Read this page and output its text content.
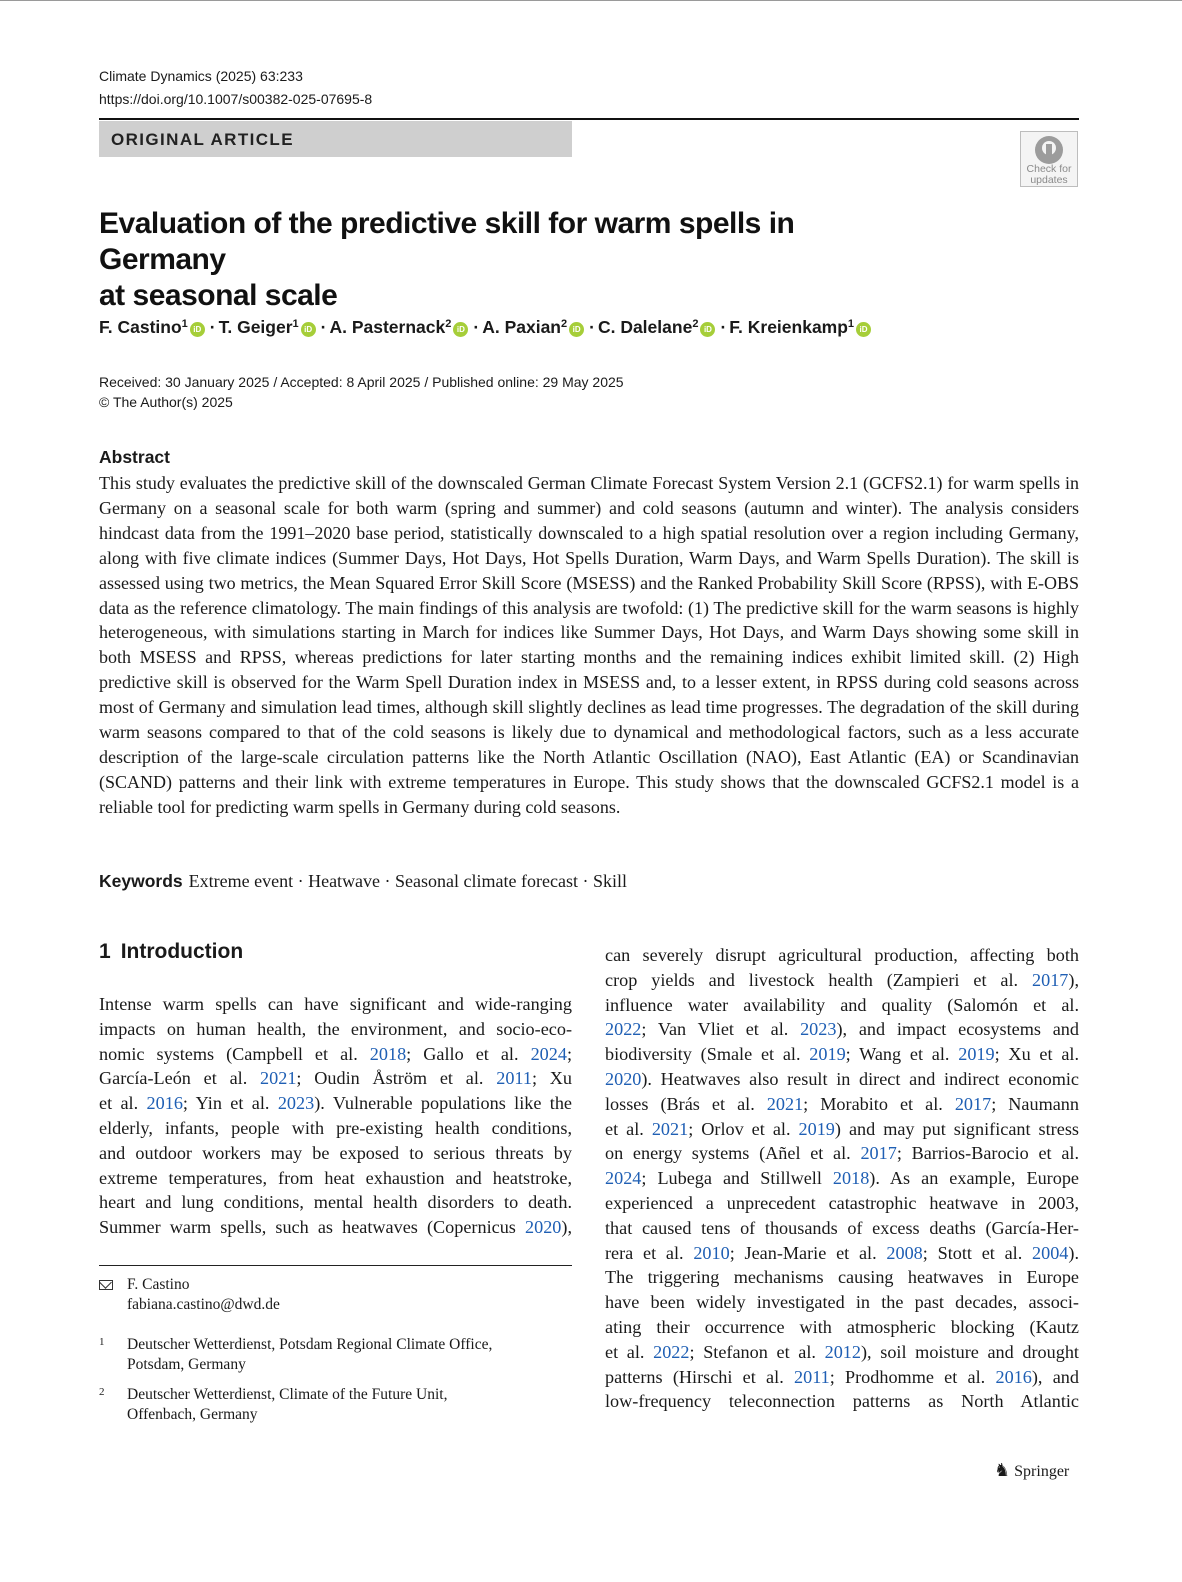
Climate Dynamics (2025) 63:233
https://doi.org/10.1007/s00382-025-07695-8
ORIGINAL ARTICLE
Check for
updates
Evaluation of the predictive skill for warm spells in Germany
at seasonal scale
F. Castino$^1$ iD · T. Geiger$^1$ iD · A. Pasternack$^2$ iD · A. Paxian$^2$ iD · C. Dalelane$^2$ iD · F. Kreienkamp$^1$ iD
Received: 30 January 2025 / Accepted: 8 April 2025 / Published online: 29 May 2025
© The Author(s) 2025
Abstract
This study evaluates the predictive skill of the downscaled German Climate Forecast System Version 2.1 (GCFS2.1) for warm spells in Germany on a seasonal scale for both warm (spring and summer) and cold seasons (autumn and winter). The analysis considers hindcast data from the 1991–2020 base period, statistically downscaled to a high spatial resolution over a region including Germany, along with five climate indices (Summer Days, Hot Days, Hot Spells Duration, Warm Days, and Warm Spells Duration). The skill is assessed using two metrics, the Mean Squared Error Skill Score (MSESS) and the Ranked Probability Skill Score (RPSS), with E-OBS data as the reference climatology. The main findings of this analysis are twofold: (1) The predictive skill for the warm seasons is highly heterogeneous, with simulations starting in March for indices like Summer Days, Hot Days, and Warm Days showing some skill in both MSESS and RPSS, whereas predictions for later starting months and the remaining indices exhibit limited skill. (2) High predictive skill is observed for the Warm Spell Duration index in MSESS and, to a lesser extent, in RPSS during cold seasons across most of Germany and simulation lead times, although skill slightly declines as lead time progresses. The degradation of the skill during warm seasons compared to that of the cold seasons is likely due to dynamical and methodological factors, such as a less accurate description of the large-scale circulation patterns like the North Atlantic Oscillation (NAO), East Atlantic (EA) or Scandinavian (SCAND) patterns and their link with extreme temperatures in Europe. This study shows that the downscaled GCFS2.1 model is a reliable tool for predicting warm spells in Germany during cold seasons.
Keywords Extreme event · Heatwave · Seasonal climate forecast · Skill
1 Introduction
Intense warm spells can have significant and wide-ranging
impacts on human health, the environment, and socio-eco-
nomic systems (Campbell et al. 2018; Gallo et al. 2024;
García-León et al. 2021; Oudin Åström et al. 2011; Xu
et al. 2016; Yin et al. 2023). Vulnerable populations like the
elderly, infants, people with pre-existing health conditions,
and outdoor workers may be exposed to serious threats by
extreme temperatures, from heat exhaustion and heatstroke,
heart and lung conditions, mental health disorders to death.
Summer warm spells, such as heatwaves (Copernicus 2020),
can severely disrupt agricultural production, affecting both
crop yields and livestock health (Zampieri et al. 2017),
influence water availability and quality (Salomón et al.
2022; Van Vliet et al. 2023), and impact ecosystems and
biodiversity (Smale et al. 2019; Wang et al. 2019; Xu et al.
2020). Heatwaves also result in direct and indirect economic
losses (Brás et al. 2021; Morabito et al. 2017; Naumann
et al. 2021; Orlov et al. 2019) and may put significant stress
on energy systems (Añel et al. 2017; Barrios-Barocio et al.
2024; Lubega and Stillwell 2018). As an example, Europe
experienced a unprecedent catastrophic heatwave in 2003,
that caused tens of thousands of excess deaths (García-Her-
rera et al. 2010; Jean-Marie et al. 2008; Stott et al. 2004).
The triggering mechanisms causing heatwaves in Europe
have been widely investigated in the past decades, associ-
ating their occurrence with atmospheric blocking (Kautz
et al. 2022; Stefanon et al. 2012), soil moisture and drought
patterns (Hirschi et al. 2011; Prodhomme et al. 2016), and
low-frequency teleconnection patterns as North Atlantic
F. Castino
fabiana.castino@dwd.de
$^1$	Deutscher Wetterdienst, Potsdam Regional Climate Office,
Potsdam, Germany
$^2$	Deutscher Wetterdienst, Climate of the Future Unit,
Offenbach, Germany
♞ Springer
